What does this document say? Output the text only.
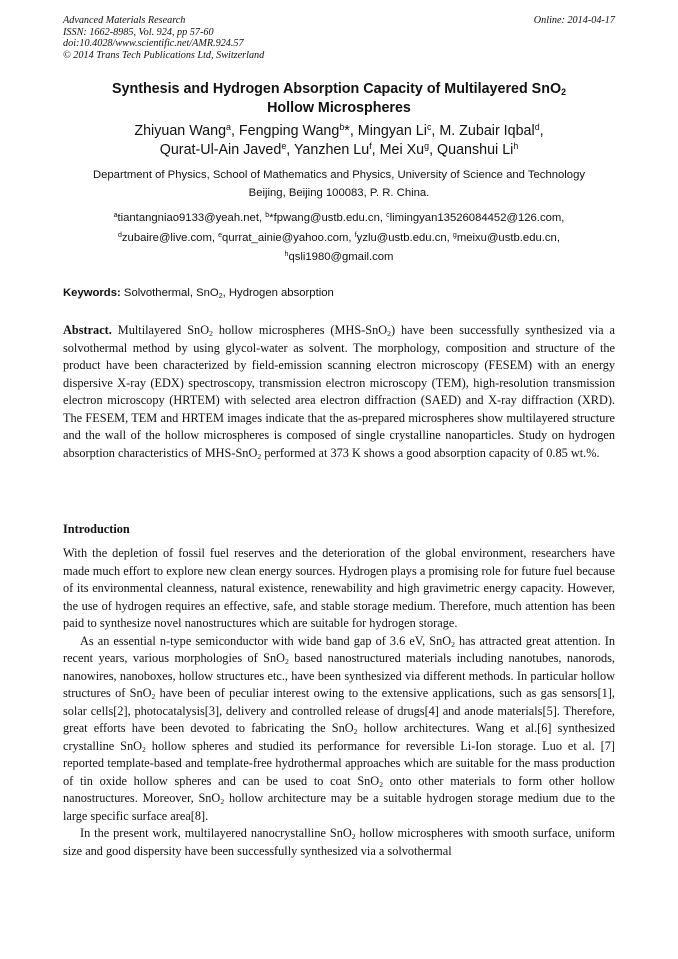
Advanced Materials Research
ISSN: 1662-8985, Vol. 924, pp 57-60
doi:10.4028/www.scientific.net/AMR.924.57
© 2014 Trans Tech Publications Ltd, Switzerland
Online: 2014-04-17
Synthesis and Hydrogen Absorption Capacity of Multilayered SnO$_2$
Hollow Microspheres
Zhiyuan Wang$^a$, Fengping Wang$^b$*, Mingyan Li$^c$, M. Zubair Iqbal$^d$,
Qurat-Ul-Ain Javed$^e$, Yanzhen Lu$^f$, Mei Xu$^g$, Quanshui Li$^h$
Department of Physics, School of Mathematics and Physics, University of Science and Technology
Beijing, Beijing 100083, P. R. China.
$^a$tiantangniao9133@yeah.net, $^b$*fpwang@ustb.edu.cn, $^c$limingyan13526084452@126.com,
$^d$zubaire@live.com, $^e$qurrat_ainie@yahoo.com, $^f$yzlu@ustb.edu.cn, $^g$meixu@ustb.edu.cn,
$^h$qsli1980@gmail.com
Keywords: Solvothermal, SnO$_2$, Hydrogen absorption
Abstract. Multilayered SnO$_2$ hollow microspheres (MHS-SnO$_2$) have been successfully synthesized via a solvothermal method by using glycol-water as solvent. The morphology, composition and structure of the product have been characterized by field-emission scanning electron microscopy (FESEM) with an energy dispersive X-ray (EDX) spectroscopy, transmission electron microscopy (TEM), high-resolution transmission electron microscopy (HRTEM) with selected area electron diffraction (SAED) and X-ray diffraction (XRD). The FESEM, TEM and HRTEM images indicate that the as-prepared microspheres show multilayered structure and the wall of the hollow microspheres is composed of single crystalline nanoparticles. Study on hydrogen absorption characteristics of MHS-SnO$_2$ performed at 373 K shows a good absorption capacity of 0.85 wt.%.
Introduction

With the depletion of fossil fuel reserves and the deterioration of the global environment, researchers have made much effort to explore new clean energy sources. Hydrogen plays a promising role for future fuel because of its environmental cleanness, natural existence, renewability and high gravimetric energy capacity. However, the use of hydrogen requires an effective, safe, and stable storage medium. Therefore, much attention has been paid to synthesize novel nanostructures which are suitable for hydrogen storage.

As an essential n-type semiconductor with wide band gap of 3.6 eV, SnO$_2$ has attracted great attention. In recent years, various morphologies of SnO$_2$ based nanostructured materials including nanotubes, nanorods, nanowires, nanoboxes, hollow structures etc., have been synthesized via different methods. In particular hollow structures of SnO$_2$ have been of peculiar interest owing to the extensive applications, such as gas sensors[1], solar cells[2], photocatalysis[3], delivery and controlled release of drugs[4] and anode materials[5]. Therefore, great efforts have been devoted to fabricating the SnO$_2$ hollow architectures. Wang et al.[6] synthesized crystalline SnO$_2$ hollow spheres and studied its performance for reversible Li-Ion storage. Luo et al. [7] reported template-based and template-free hydrothermal approaches which are suitable for the mass production of tin oxide hollow spheres and can be used to coat SnO$_2$ onto other materials to form other hollow nanostructures. Moreover, SnO$_2$ hollow architecture may be a suitable hydrogen storage medium due to the large specific surface area[8].

In the present work, multilayered nanocrystalline SnO$_2$ hollow microspheres with smooth surface, uniform size and good dispersity have been successfully synthesized via a solvothermal
